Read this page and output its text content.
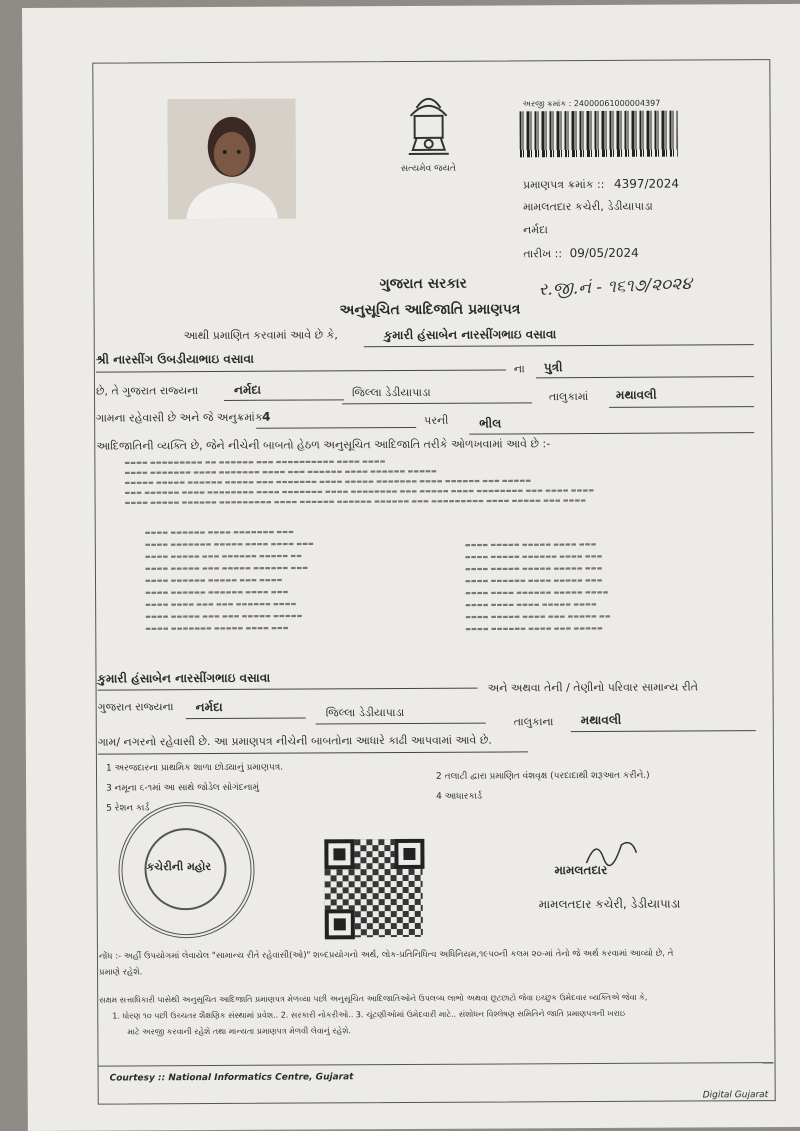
સત્યમેવ જયતે
અરજી ક્રમાંક : 24000061000004397
પ્રમાણપત્ર ક્રમાંક :: 4397/2024
મામલતદાર કચેરી, ડેડીયાપાડા
નર્મદા
તારીખ :: 09/05/2024
ર.જી.નં - ૧૬૧૭/૨૦૨૪
ગુજરાત સરકાર
અનુસૂચિત આદિજાતિ પ્રમાણપત્ર
આથી પ્રમાણિત કરવામાં આવે છે કે,	કુમારી હંસાબેન નારસીંગભાઇ વસાવા
શ્રી નારસીંગ ઉબડીયાભાઇ વસાવા
ના પુત્રી
છે, તે ગુજરાત રાજ્યના	નર્મદા	જિલ્લા ડેડીયાપાડા	તાલુકામાં મથાવલી
ગામના રહેવાસી છે અને જે અનુક્રમાંક 4	પરની	ભીલ
આદિજાતિની વ્યક્તિ છે, જેને નીચેની બાબતો હેઠળ અનુસૂચિત આદિજાતિ તરીકે ઓળખવામાં આવે છે :-
▬▬▬▬ ▬▬▬▬▬▬▬▬▬ ▬▬ ▬▬▬▬▬▬ ▬▬▬ ▬▬▬▬▬▬▬▬▬▬ ▬▬▬▬ ▬▬▬▬
▬▬▬▬ ▬▬▬▬▬▬▬ ▬▬▬▬ ▬▬▬▬▬▬▬ ▬▬▬▬ ▬▬▬ ▬▬▬▬▬▬ ▬▬▬▬ ▬▬▬▬▬▬ ▬▬▬▬▬
▬▬▬▬▬ ▬▬▬▬▬ ▬▬▬▬▬▬ ▬▬▬▬▬ ▬▬▬ ▬▬▬▬▬▬▬ ▬▬▬▬ ▬▬▬▬▬ ▬▬▬▬▬▬▬ ▬▬▬▬ ▬▬▬▬▬▬ ▬▬▬ ▬▬▬▬▬
▬▬▬ ▬▬▬▬▬▬ ▬▬▬▬ ▬▬▬▬▬▬▬▬ ▬▬▬▬ ▬▬▬▬▬▬▬ ▬▬▬▬ ▬▬▬▬▬▬▬▬ ▬▬▬ ▬▬▬▬▬ ▬▬▬▬ ▬▬▬▬▬▬▬▬ ▬▬▬ ▬▬▬▬ ▬▬▬▬
▬▬▬▬ ▬▬▬▬▬ ▬▬▬▬▬▬ ▬▬▬▬▬▬▬▬▬ ▬▬▬▬ ▬▬▬▬▬▬ ▬▬▬▬▬▬ ▬▬▬▬▬▬ ▬▬▬ ▬▬▬▬▬▬▬▬▬ ▬▬▬▬ ▬▬▬▬▬ ▬▬▬ ▬▬▬▬
▬▬▬▬ ▬▬▬▬▬▬ ▬▬▬▬ ▬▬▬▬▬▬▬ ▬▬▬
▬▬▬▬ ▬▬▬▬▬▬▬ ▬▬▬▬▬ ▬▬▬▬ ▬▬▬▬ ▬▬▬
▬▬▬▬ ▬▬▬▬▬ ▬▬▬ ▬▬▬▬▬▬ ▬▬▬▬▬ ▬▬
▬▬▬▬ ▬▬▬▬▬ ▬▬▬ ▬▬▬▬▬ ▬▬▬▬▬▬ ▬▬▬
▬▬▬▬ ▬▬▬▬▬▬ ▬▬▬▬▬ ▬▬▬ ▬▬▬▬
▬▬▬▬ ▬▬▬▬▬▬ ▬▬▬▬▬▬ ▬▬▬▬ ▬▬▬
▬▬▬▬ ▬▬▬▬ ▬▬▬ ▬▬▬ ▬▬▬▬▬▬ ▬▬▬▬
▬▬▬▬ ▬▬▬▬▬ ▬▬▬ ▬▬▬ ▬▬▬▬▬ ▬▬▬▬▬
▬▬▬▬ ▬▬▬▬▬▬▬ ▬▬▬▬▬ ▬▬▬▬ ▬▬▬
▬▬▬▬ ▬▬▬▬▬ ▬▬▬▬▬ ▬▬▬▬ ▬▬▬
▬▬▬▬ ▬▬▬▬▬ ▬▬▬▬▬▬ ▬▬▬▬ ▬▬▬
▬▬▬▬ ▬▬▬▬▬ ▬▬▬▬▬ ▬▬▬▬▬ ▬▬▬
▬▬▬▬ ▬▬▬▬▬▬ ▬▬▬▬ ▬▬▬▬▬ ▬▬▬
▬▬▬▬ ▬▬▬▬ ▬▬▬▬▬▬ ▬▬▬▬▬ ▬▬▬▬
▬▬▬▬ ▬▬▬▬ ▬▬▬▬ ▬▬▬▬▬ ▬▬▬▬
▬▬▬▬ ▬▬▬▬▬ ▬▬▬▬ ▬▬▬ ▬▬▬▬▬ ▬▬
▬▬▬▬ ▬▬▬▬▬▬ ▬▬▬▬ ▬▬▬ ▬▬▬▬▬
કુમારી હંસાબેન નારસીંગભાઇ વસાવા
અને અથવા તેની / તેણીનો પરિવાર સામાન્ય રીતે
ગુજરાત રાજ્યના નર્મદા	જિલ્લા ડેડીયાપાડા
તાલુકાના મથાવલી
ગામ/ નગરનો રહેવાસી છે. આ પ્રમાણપત્ર નીચેની બાબતોના આધારે કાઢી આપવામાં આવે છે.
1 અરજદારના પ્રાથમિક શાળા છોડ્યાનું પ્રમાણપત્ર.
2 તલાટી દ્વારા પ્રમાણિત વંશવૃક્ષ (પરદાદાથી શરૂઆત કરીને.)
3 નમૂના ૬-૧માં આ સાથે જોડેલ સોગંદનામું
4 આધારકાર્ડ
5 રેશન કાર્ડ
કચેરીની મહોર	મામલતદાર
મામલતદાર કચેરી, ડેડીયાપાડા
નોંધ :- અહીં ઉપયોગમાં લેવાયેલ "સામાન્ય રીતે રહેવાસી(ઓ)" શબ્દપ્રયોગનો અર્થ, લોક-પ્રતિનિધિત્વ અધિનિયમ,૧૯૫૦ની કલમ ૨૦-માં તેનો જે અર્થ કરવામાં આવ્યો છે, તે
પ્રમાણે રહેશે.
સક્ષમ સત્તાધિકારી પાસેથી અનુસૂચિત આદિજાતિ પ્રમાણપત્ર મેળવ્યા પછી અનુસૂચિત આદિજાતિઓને ઉપલબ્ધ લાભો અથવા છૂટછાટો જેવા ઇચ્છુક ઉમેદવાર વ્યક્તિએ જેવા કે,
1. ધોરણ ૧૦ પછી ઉચ્ચતર શૈક્ષણિક સંસ્થામાં પ્રવેશ.. 2. સરકારી નોકરીઓ.. 3. ચૂંટણીઓમાં ઉમેદવારી માટે.. સંશોધન વિશ્લેષણ સમિતિને જાતિ પ્રમાણપત્રની ખરાઇ
માટે અરજી કરવાની રહેશે તથા માન્યતા પ્રમાણપત્ર મેળવી લેવાનું રહેશે.
Courtesy :: National Informatics Centre, Gujarat
Digital Gujarat
